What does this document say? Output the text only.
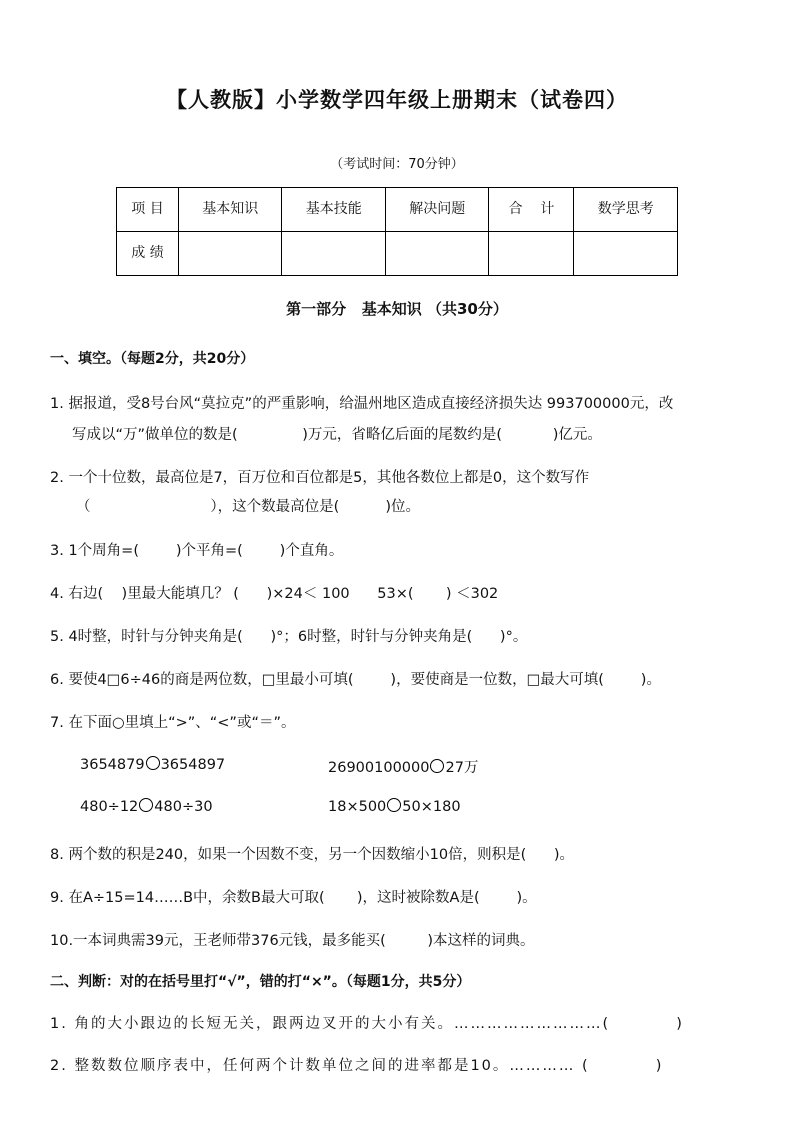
【人教版】小学数学四年级上册期末（试卷四）
（考试时间：70分钟）
项 目	基本知识	基本技能	解决问题	合    计	数学思考
成 绩					
第一部分   基本知识 （共30分）
一、填空。（每题2分，共20分）
1. 据报道，受8号台风“莫拉克”的严重影响，给温州地区造成直接经济损失达 993700000元，改
写成以“万”做单位的数是(              )万元，省略亿后面的尾数约是(           )亿元。
2. 一个十位数，最高位是7，百万位和百位都是5，其他各数位上都是0，这个数写作
（                          ），这个数最高位是(          )位。
3. 1个周角=(        )个平角=(        )个直角。
4. 右边(    )里最大能填几？ (      )×24＜ 100      53×(       ) ＜302
5. 4时整，时针与分钟夹角是(      )°；6时整，时针与分钟夹角是(      )°。
6. 要使4□6÷46的商是两位数，□里最小可填(        )，要使商是一位数，□最大可填(        )。
7. 在下面○里填上“>”、“<”或“＝”。
3654879 3654897	26900100000 27万
480÷12 480÷30	18×500 50×180
8. 两个数的积是240，如果一个因数不变，另一个因数缩小10倍，则积是(      )。
9. 在A÷15=14……B中，余数B最大可取(       )，这时被除数A是(        )。
10.一本词典需39元，王老师带376元钱，最多能买(         )本这样的词典。
二、判断：对的在括号里打“√”，错的打“×”。（每题1分，共5分）
1. 角的大小跟边的长短无关，跟两边叉开的大小有关。………………………(          )
2. 整数数位顺序表中，任何两个计数单位之间的进率都是10。………… (          )
